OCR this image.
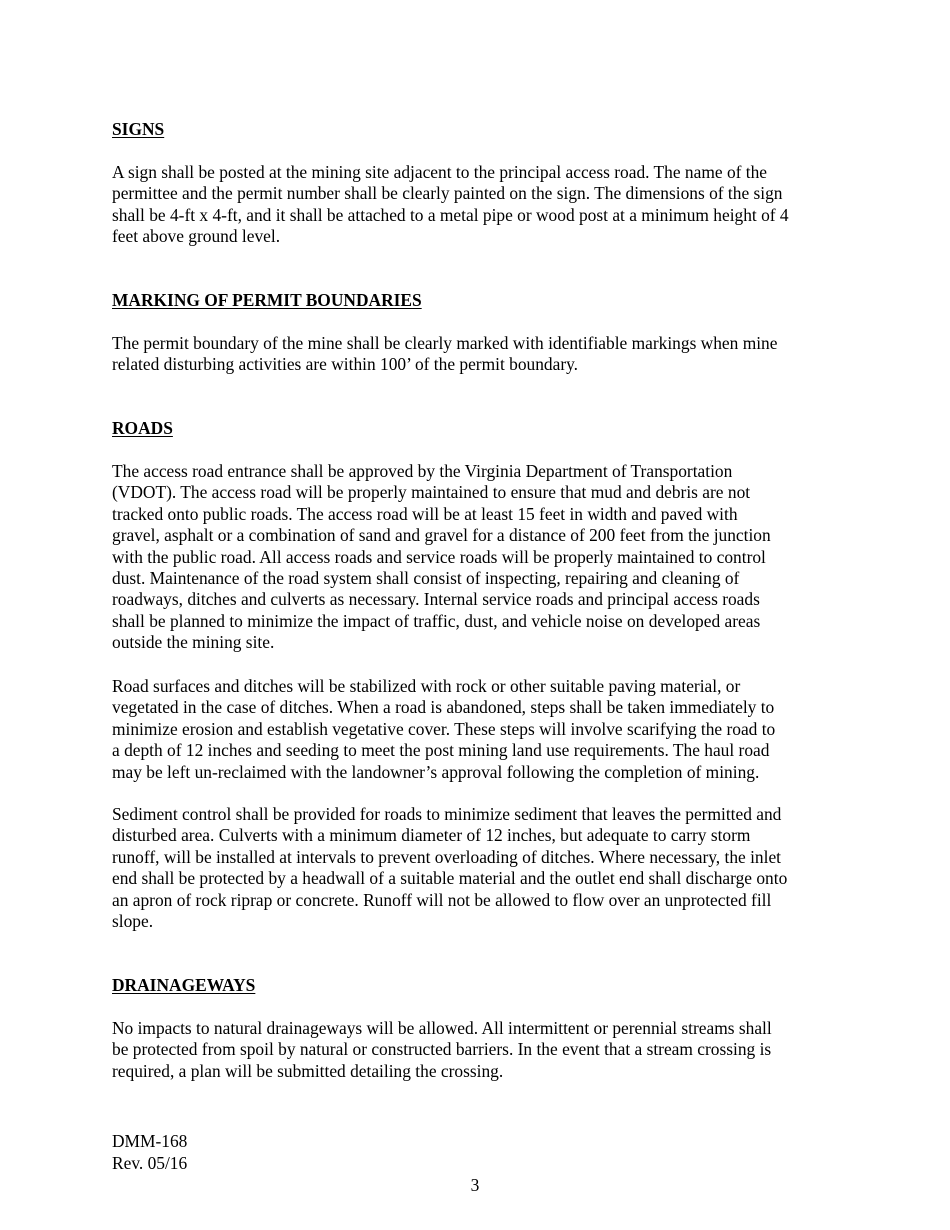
SIGNS
A sign shall be posted at the mining site adjacent to the principal access road. The name of the
permittee and the permit number shall be clearly painted on the sign. The dimensions of the sign
shall be 4-ft x 4-ft, and it shall be attached to a metal pipe or wood post at a minimum height of 4
feet above ground level.
MARKING OF PERMIT BOUNDARIES
The permit boundary of the mine shall be clearly marked with identifiable markings when mine
related disturbing activities are within 100’ of the permit boundary.
ROADS
The access road entrance shall be approved by the Virginia Department of Transportation
(VDOT). The access road will be properly maintained to ensure that mud and debris are not
tracked onto public roads. The access road will be at least 15 feet in width and paved with
gravel, asphalt or a combination of sand and gravel for a distance of 200 feet from the junction
with the public road. All access roads and service roads will be properly maintained to control
dust. Maintenance of the road system shall consist of inspecting, repairing and cleaning of
roadways, ditches and culverts as necessary. Internal service roads and principal access roads
shall be planned to minimize the impact of traffic, dust, and vehicle noise on developed areas
outside the mining site.
Road surfaces and ditches will be stabilized with rock or other suitable paving material, or
vegetated in the case of ditches. When a road is abandoned, steps shall be taken immediately to
minimize erosion and establish vegetative cover. These steps will involve scarifying the road to
a depth of 12 inches and seeding to meet the post mining land use requirements. The haul road
may be left un-reclaimed with the landowner’s approval following the completion of mining.
Sediment control shall be provided for roads to minimize sediment that leaves the permitted and
disturbed area. Culverts with a minimum diameter of 12 inches, but adequate to carry storm
runoff, will be installed at intervals to prevent overloading of ditches. Where necessary, the inlet
end shall be protected by a headwall of a suitable material and the outlet end shall discharge onto
an apron of rock riprap or concrete. Runoff will not be allowed to flow over an unprotected fill
slope.
DRAINAGEWAYS
No impacts to natural drainageways will be allowed. All intermittent or perennial streams shall
be protected from spoil by natural or constructed barriers. In the event that a stream crossing is
required, a plan will be submitted detailing the crossing.
DMM-168
Rev. 05/16
3
